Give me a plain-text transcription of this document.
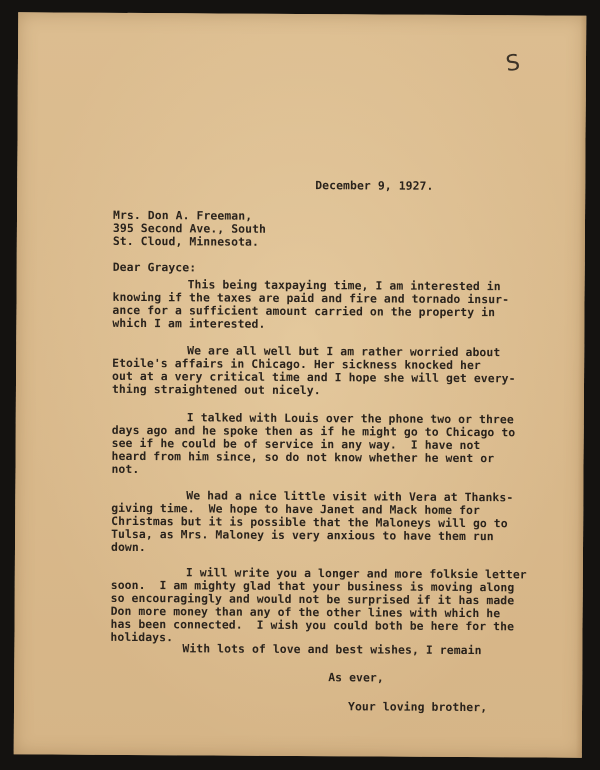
S

December 9, 1927.

Mrs. Don A. Freeman,
395 Second Ave., South
St. Cloud, Minnesota.

Dear Grayce:

This being taxpaying time, I am interested in
knowing if the taxes are paid and fire and tornado insur-
ance for a sufficient amount carried on the property in
which I am interested.
We are all well but I am rather worried about
Etoile's affairs in Chicago. Her sickness knocked her
out at a very critical time and I hope she will get every-
thing straightened out nicely.
I talked with Louis over the phone two or three
days ago and he spoke then as if he might go to Chicago to
see if he could be of service in any way.  I have not
heard from him since, so do not know whether he went or
not.
We had a nice little visit with Vera at Thanks-
giving time.  We hope to have Janet and Mack home for
Christmas but it is possible that the Maloneys will go to
Tulsa, as Mrs. Maloney is very anxious to have them run
down.
I will write you a longer and more folksie letter
soon.  I am mighty glad that your business is moving along
so encouragingly and would not be surprised if it has made
Don more money than any of the other lines with which he
has been connected.  I wish you could both be here for the
holidays.

With lots of love and best wishes, I remain

As ever,

Your loving brother,
